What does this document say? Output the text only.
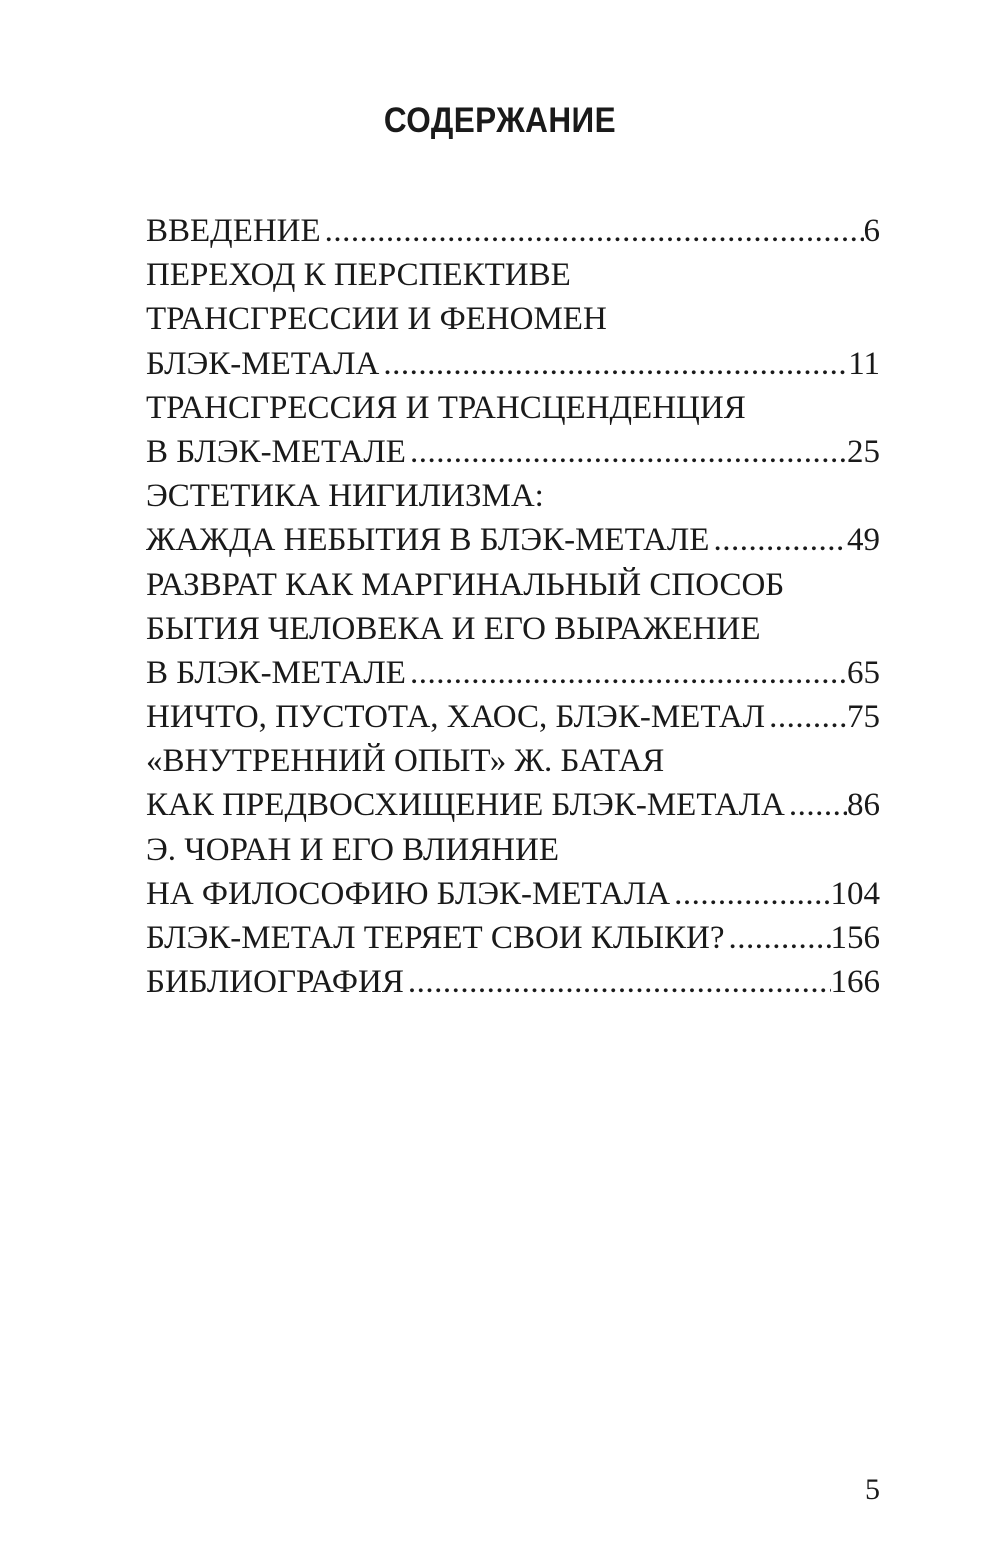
СОДЕРЖАНИЕ
ВВЕДЕНИЕ .....	6
ПЕРЕХОД К ПЕРСПЕКТИВЕ
ТРАНСГРЕССИИ И ФЕНОМЕН
БЛЭК-МЕТАЛА .....	11
ТРАНСГРЕССИЯ И ТРАНСЦЕНДЕНЦИЯ
В БЛЭК-МЕТАЛЕ .....	25
ЭСТЕТИКА НИГИЛИЗМА:
ЖАЖДА НЕБЫТИЯ В БЛЭК-МЕТАЛЕ .....	49
РАЗВРАТ КАК МАРГИНАЛЬНЫЙ СПОСОБ
БЫТИЯ ЧЕЛОВЕКА И ЕГО ВЫРАЖЕНИЕ
В БЛЭК-МЕТАЛЕ .....	65
НИЧТО, ПУСТОТА, ХАОС, БЛЭК-МЕТАЛ ..... 75
«ВНУТРЕННИЙ ОПЫТ» Ж. БАТАЯ
КАК ПРЕДВОСХИЩЕНИЕ БЛЭК-МЕТАЛА ..... 86
Э. ЧОРАН И ЕГО ВЛИЯНИЕ
НА ФИЛОСОФИЮ БЛЭК-МЕТАЛА .....	104
БЛЭК-МЕТАЛ ТЕРЯЕТ СВОИ КЛЫКИ? .....	156
БИБЛИОГРАФИЯ .....	166
5
